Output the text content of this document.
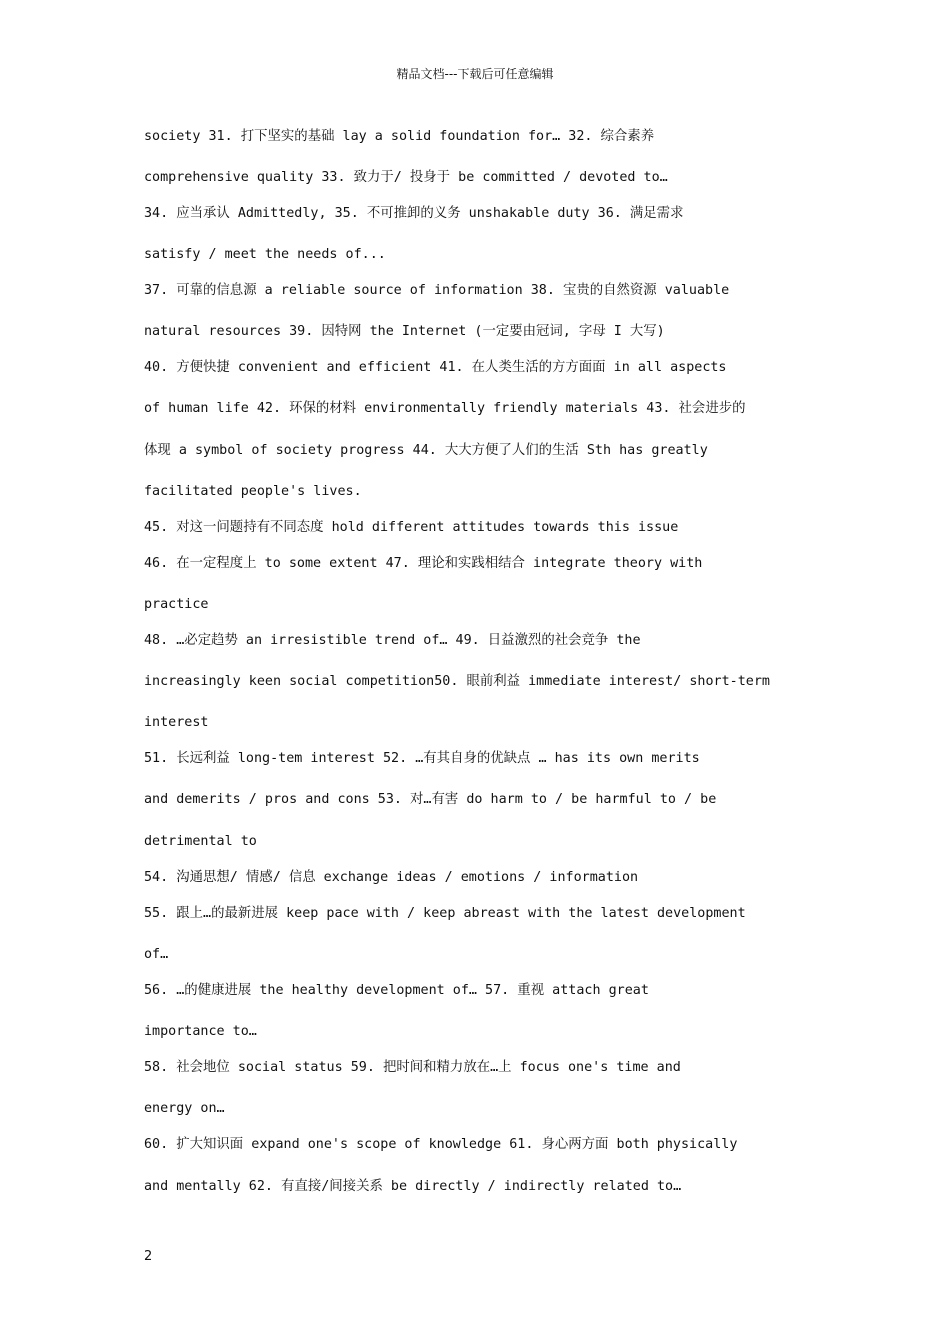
精品文档---下载后可任意编辑
society 31. 打下坚实的基础 lay a solid foundation for… 32. 综合素养
comprehensive quality 33. 致力于/ 投身于 be committed / devoted to…
34. 应当承认 Admittedly, 35. 不可推卸的义务 unshakable duty 36. 满足需求
satisfy / meet the needs of...
37. 可靠的信息源 a reliable source of information 38. 宝贵的自然资源 valuable
natural resources 39. 因特网 the Internet (一定要由冠词, 字母 I 大写)
40. 方便快捷 convenient and efficient 41. 在人类生活的方方面面 in all aspects
of human life 42. 环保的材料 environmentally friendly materials 43. 社会进步的
体现 a symbol of society progress 44. 大大方便了人们的生活 Sth has greatly
facilitated people's lives.
45. 对这一问题持有不同态度 hold different attitudes towards this issue
46. 在一定程度上 to some extent 47. 理论和实践相结合 integrate theory with
practice
48. …必定趋势 an irresistible trend of… 49. 日益激烈的社会竞争 the
increasingly keen social competition50. 眼前利益 immediate interest/ short-term
interest
51. 长远利益 long-tem interest 52. …有其自身的优缺点 … has its own merits
and demerits / pros and cons 53. 对…有害 do harm to / be harmful to / be
detrimental to
54. 沟通思想/ 情感/ 信息 exchange ideas / emotions / information
55. 跟上…的最新进展 keep pace with / keep abreast with the latest development
of…
56. …的健康进展 the healthy development of… 57. 重视 attach great
importance to…
58. 社会地位 social status 59. 把时间和精力放在…上 focus one's time and
energy on…
60. 扩大知识面 expand one's scope of knowledge 61. 身心两方面 both physically
and mentally 62. 有直接/间接关系 be directly / indirectly related to…
2
